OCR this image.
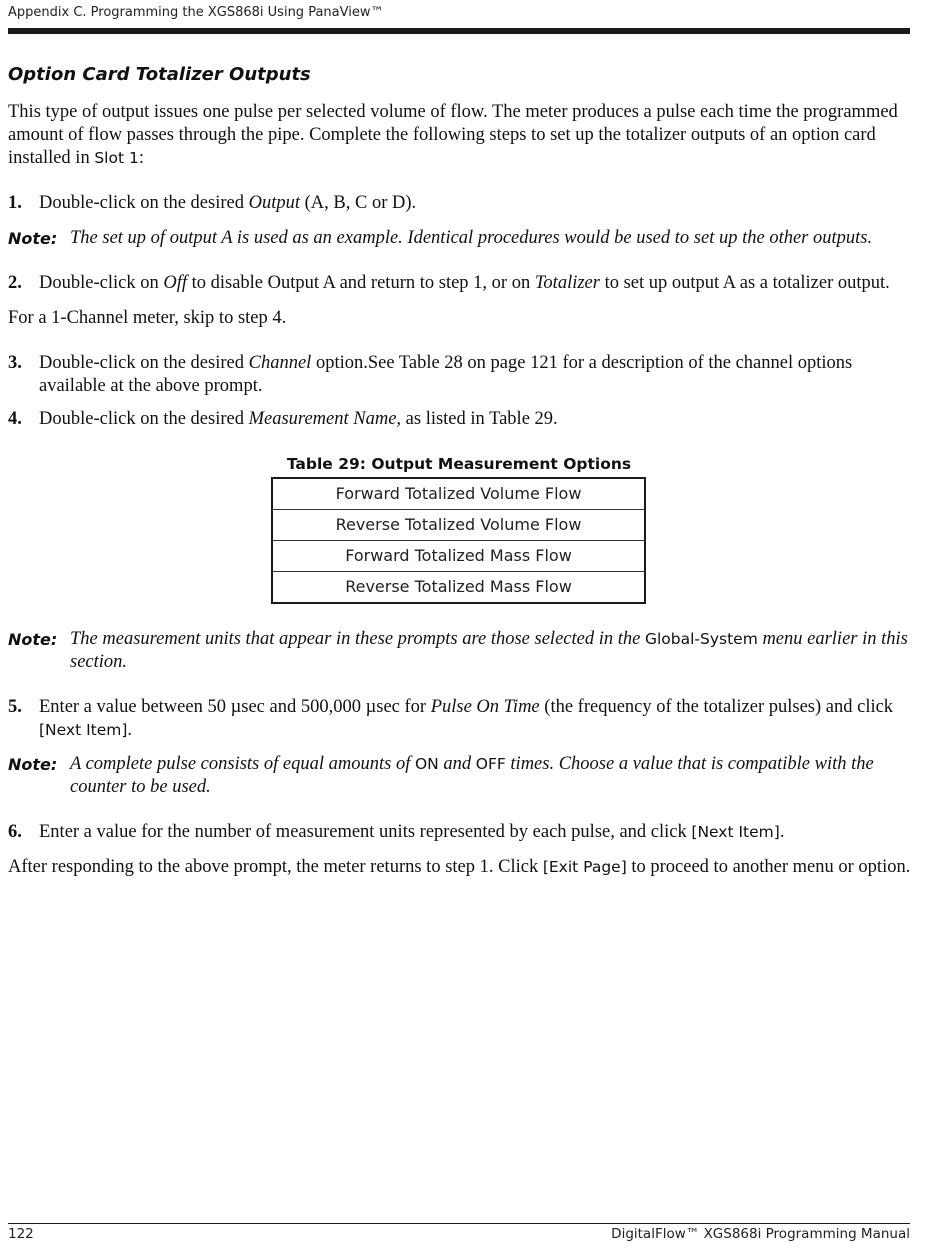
Appendix C. Programming the XGS868i Using PanaView™
Option Card Totalizer Outputs

This type of output issues one pulse per selected volume of flow. The meter produces a pulse each time the programmed amount of flow passes through the pipe. Complete the following steps to set up the totalizer outputs of an option card installed in Slot 1:

1. Double-click on the desired Output (A, B, C or D).
Note: The set up of output A is used as an example. Identical procedures would be used to set up the other outputs.
2. Double-click on Off to disable Output A and return to step 1, or on Totalizer to set up output A as a totalizer output.

For a 1-Channel meter, skip to step 4.

3. Double-click on the desired Channel option.See Table 28 on page 121 for a description of the channel options available at the above prompt.
4. Double-click on the desired Measurement Name, as listed in Table 29.
Table 29: Output Measurement Options
Forward Totalized Volume Flow
Reverse Totalized Volume Flow
Forward Totalized Mass Flow
Reverse Totalized Mass Flow
Note: The measurement units that appear in these prompts are those selected in the Global-System menu earlier in this section.
5. Enter a value between 50 µsec and 500,000 µsec for Pulse On Time (the frequency of the totalizer pulses) and click [Next Item].
Note: A complete pulse consists of equal amounts of ON and OFF times. Choose a value that is compatible with the counter to be used.
6. Enter a value for the number of measurement units represented by each pulse, and click [Next Item].

After responding to the above prompt, the meter returns to step 1. Click [Exit Page] to proceed to another menu or option.

122	DigitalFlow™ XGS868i Programming Manual
